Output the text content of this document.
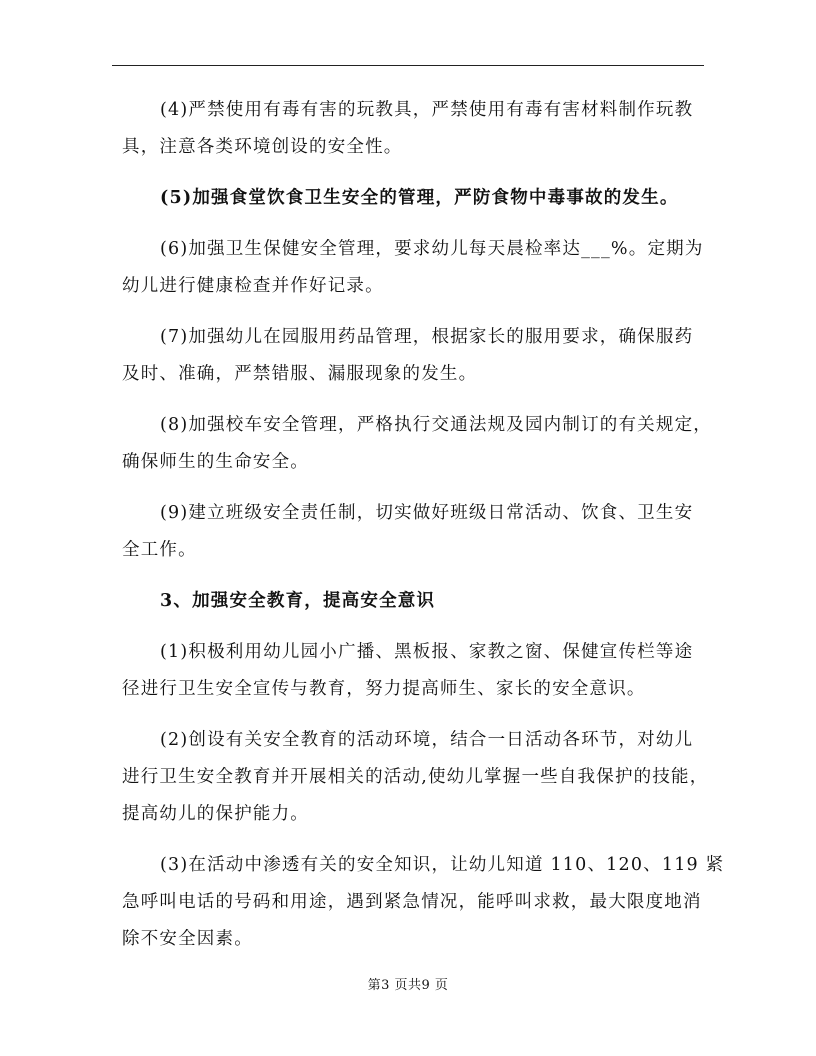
(4)严禁使用有毒有害的玩教具，严禁使用有毒有害材料制作玩教
具，注意各类环境创设的安全性。
(5)加强食堂饮食卫生安全的管理，严防食物中毒事故的发生。
(6)加强卫生保健安全管理，要求幼儿每天晨检率达___%。定期为
幼儿进行健康检查并作好记录。
(7)加强幼儿在园服用药品管理，根据家长的服用要求，确保服药
及时、准确，严禁错服、漏服现象的发生。
(8)加强校车安全管理，严格执行交通法规及园内制订的有关规定，
确保师生的生命安全。
(9)建立班级安全责任制，切实做好班级日常活动、饮食、卫生安
全工作。
3、加强安全教育，提高安全意识
(1)积极利用幼儿园小广播、黑板报、家教之窗、保健宣传栏等途
径进行卫生安全宣传与教育，努力提高师生、家长的安全意识。
(2)创设有关安全教育的活动环境，结合一日活动各环节，对幼儿
进行卫生安全教育并开展相关的活动,使幼儿掌握一些自我保护的技能，
提高幼儿的保护能力。
(3)在活动中渗透有关的安全知识，让幼儿知道 110、120、119 紧
急呼叫电话的号码和用途，遇到紧急情况，能呼叫求救，最大限度地消
除不安全因素。
第3 页共9 页
